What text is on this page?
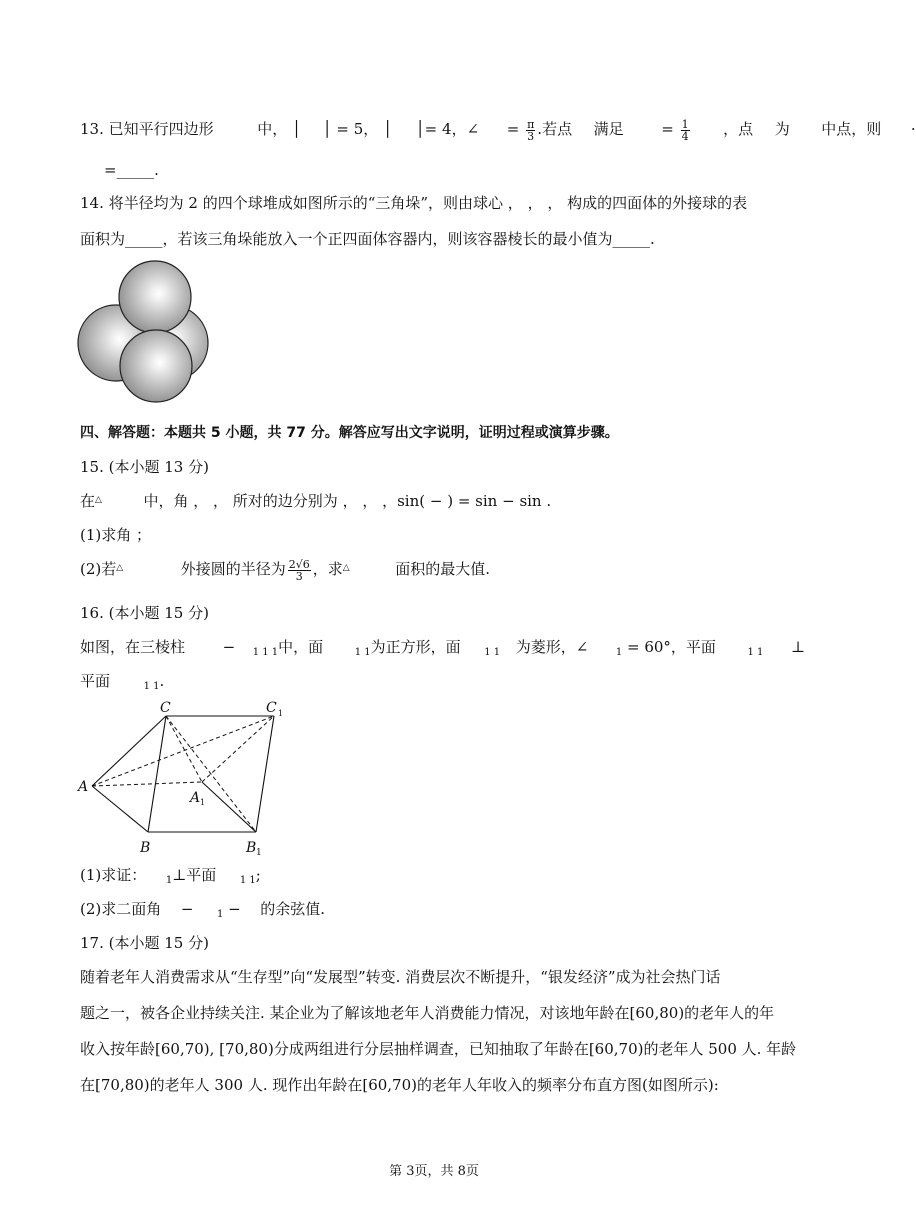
13. 已知平行四边形	中， │ │ = 5， │ │= 4，∠ = $\frac{\pi}{3}$ .若点 满足	= $\frac{1}{4}$ ，点 为 中点，则 ·
=_____.
14. 将半径均为 2 的四个球堆成如图所示的“三角垛”，则由球心 ， ， ， 构成的四面体的外接球的表
面积为_____，若该三角垛能放入一个正四面体容器内，则该容器棱长的最小值为_____.
四、解答题：本题共 5 小题，共 77 分。解答应写出文字说明，证明过程或演算步骤。
15. (本小题 13 分)
在△	中，角 ， ， 所对的边分别为 ， ， ，sin( − ) = sin − sin .
(1)求角 ；
(2)若△	外接圆的半径为 $\frac{2√6}{3}$ ，求△	面积的最大值.
16. (本小题 15 分)
如图，在三棱柱	− $_{1 1 1}$中，面	$_{1 1}$为正方形，面 $_{1 1}$ 为菱形，∠	$_1$ = 60°，平面	$_{1 1}$ ⊥
平面	$_{1 1}$.
C	C 1
A
A 1
B	B 1
(1)求证： $_1$⊥平面 $_{1 1}$;
(2)求二面角 − $_1$ − 的余弦值.
17. (本小题 15 分)
随着老年人消费需求从“生存型”向“发展型”转变. 消费层次不断提升，“银发经济”成为社会热门话
题之一，被各企业持续关注. 某企业为了解该地老年人消费能力情况，对该地年龄在[60,80)的老年人的年
收入按年龄[60,70), [70,80)分成两组进行分层抽样调查，已知抽取了年龄在[60,70)的老年人 500 人. 年龄
在[70,80)的老年人 300 人. 现作出年龄在[60,70)的老年人年收入的频率分布直方图(如图所示):
第 3页，共 8页
